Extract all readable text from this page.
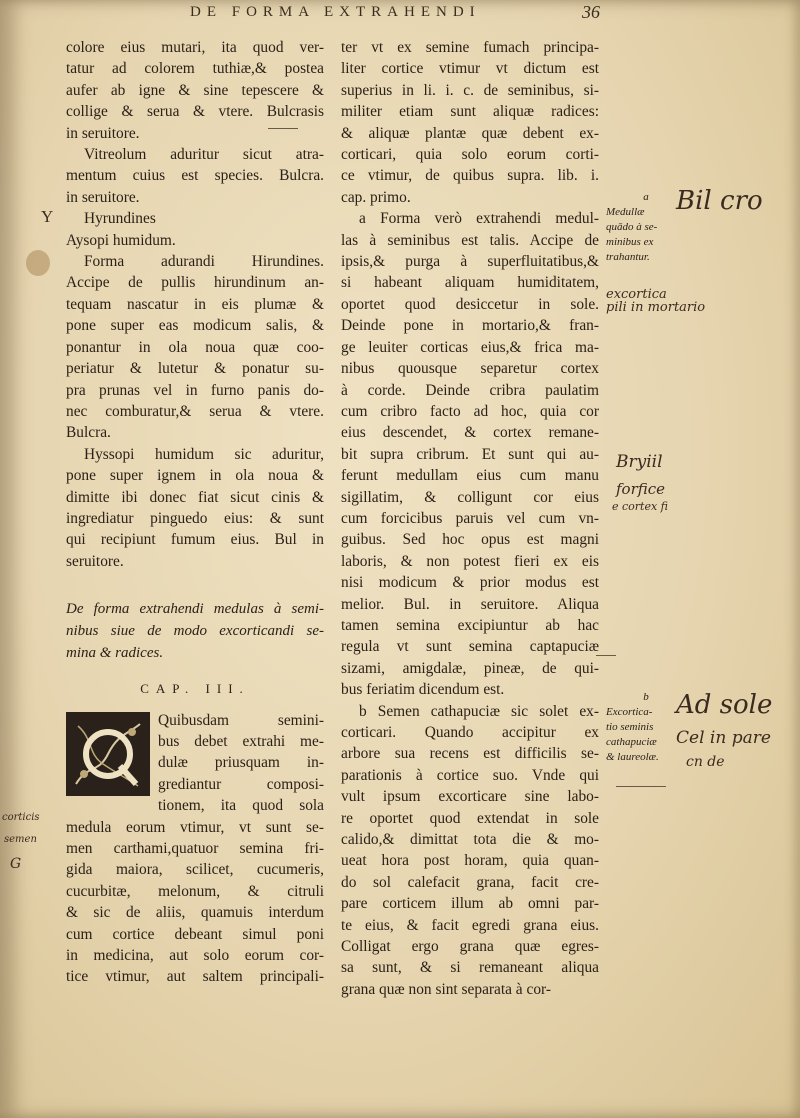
DE FORMA EXTRAHENDI	36
Y
colore eius mutari, ita quod ver-
tatur ad colorem tuthiæ,& postea
aufer ab igne & sine tepescere &
collige & serua & vtere. Bulcrasis
in seruitore.
Vitreolum aduritur sicut atra-
mentum cuius est species. Bulcra.
in seruitore.
Hyrundines
Aysopi humidum.
Forma adurandi Hirundines.
Accipe de pullis hirundinum an-
tequam nascatur in eis plumæ &
pone super eas modicum salis, &
ponantur in ola noua quæ coo-
periatur & lutetur & ponatur su-
pra prunas vel in furno panis do-
nec comburatur,& serua & vtere.
Bulcra.
Hyssopi humidum sic aduritur,
pone super ignem in ola noua &
dimitte ibi donec fiat sicut cinis &
ingrediatur pinguedo eius: & sunt
qui recipiunt fumum eius. Bul in
seruitore.
De forma extrahendi medulas à semi-
nibus siue de modo excorticandi se-
mina & radices.
CAP. III.
Quibusdam semini-
bus debet extrahi me-
dulæ priusquam in-
grediantur composi-
tionem, ita quod sola
medula eorum vtimur, vt sunt se-
men carthami,quatuor semina fri-
gida maiora, scilicet, cucumeris,
cucurbitæ, melonum, & citruli
& sic de aliis, quamuis interdum
cum cortice debeant simul poni
in medicina, aut solo eorum cor-
tice vtimur, aut saltem principali-
ter vt ex semine fumach principa-
liter cortice vtimur vt dictum est
superius in li. i. c. de seminibus, si-
militer etiam sunt aliquæ radices:
& aliquæ plantæ quæ debent ex-
corticari, quia solo eorum corti-
ce vtimur, de quibus supra. lib. i.
cap. primo.
a Forma verò extrahendi medul-
las à seminibus est talis. Accipe de
ipsis,& purga à superfluitatibus,&
si habeant aliquam humiditatem,
oportet quod desiccetur in sole.
Deinde pone in mortario,& fran-
ge leuiter corticas eius,& frica ma-
nibus quousque separetur cortex
à corde. Deinde cribra paulatim
cum cribro facto ad hoc, quia cor
eius descendet, & cortex remane-
bit supra cribrum. Et sunt qui au-
ferunt medullam eius cum manu
sigillatim, & colligunt cor eius
cum forcicibus paruis vel cum vn-
guibus. Sed hoc opus est magni
laboris, & non potest fieri ex eis
nisi modicum & prior modus est
melior. Bul. in seruitore. Aliqua
tamen semina excipiuntur ab hac
regula vt sunt semina captapuciæ
sizami, amigdalæ, pineæ, de qui-
bus feriatim dicendum est.
b Semen cathapuciæ sic solet ex-
corticari. Quando accipitur ex
arbore sua recens est difficilis se-
parationis à cortice suo. Vnde qui
vult ipsum excorticare sine labo-
re oportet quod extendat in sole
calido,& dimittat tota die & mo-
ueat hora post horam, quia quan-
do sol calefacit grana, facit cre-
pare corticem illum ab omni par-
te eius, & facit egredi grana eius.
Colligat ergo grana quæ egres-
sa sunt, & si remaneant aliqua
grana quæ non sint separata à cor-
a
Medullæ
quādo à se-
minibus ex
trahantur.
b
Excortica-
tio seminis
cathapuciæ
& laureolæ.
Bil cro
excortica
pili in mortario
Bryiil
forfice
e cortex fi
Ad sole
Cel in pare
cn de
corticis
semen
G
